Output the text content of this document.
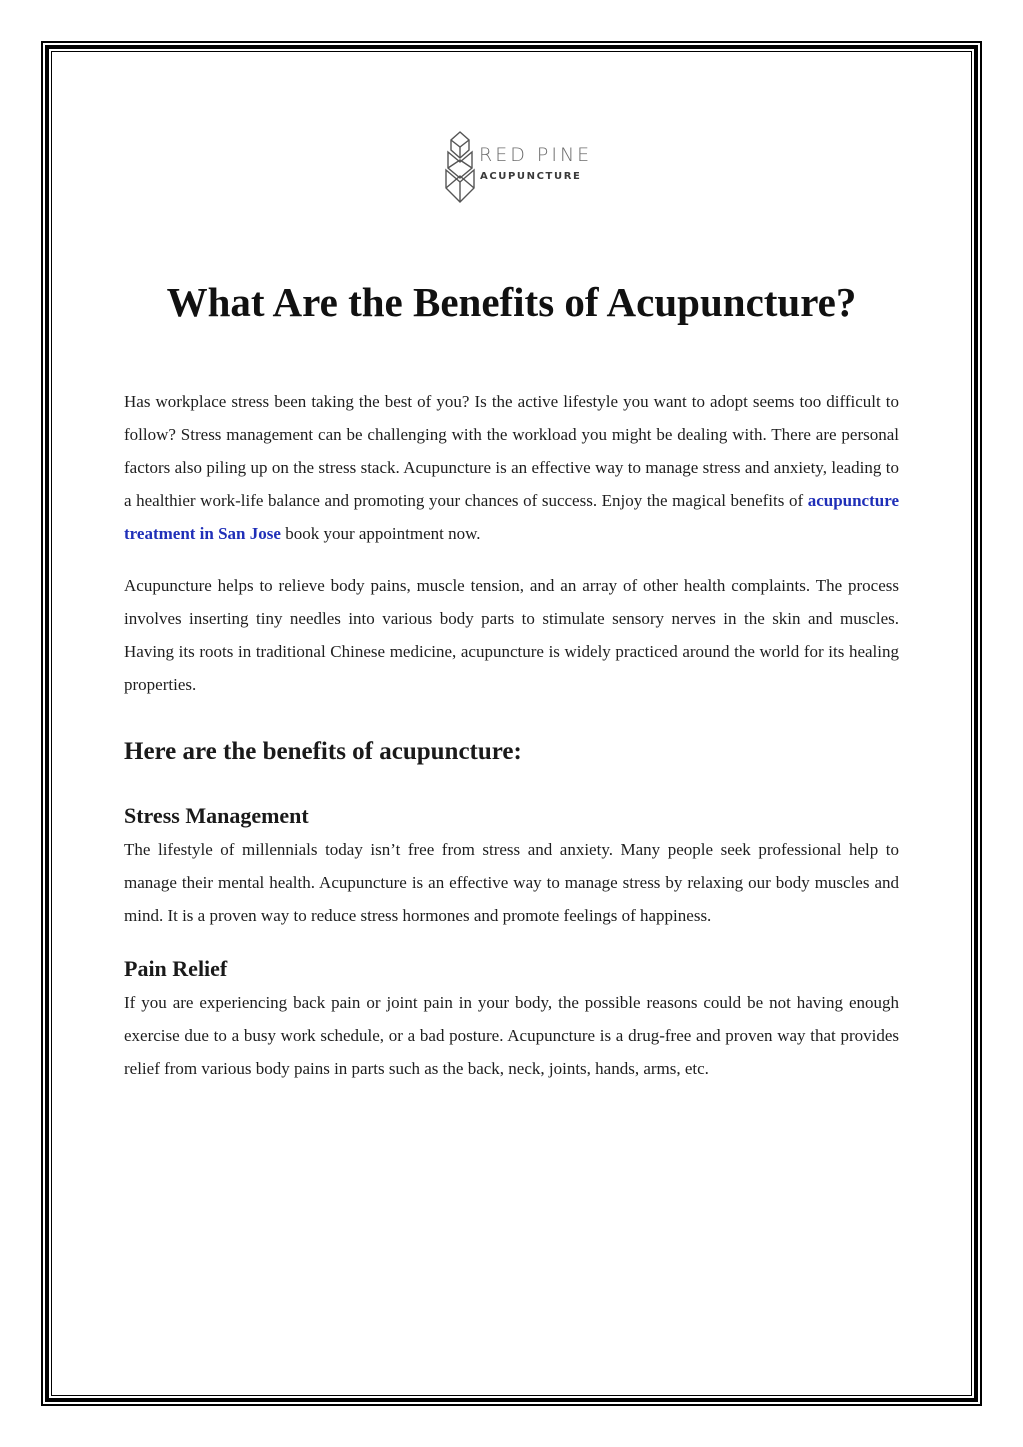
RED PINE
ACUPUNCTURE
What Are the Benefits of Acupuncture?

Has workplace stress been taking the best of you? Is the active lifestyle you want to adopt seems too difficult to follow? Stress management can be challenging with the workload you might be dealing with. There are personal factors also piling up on the stress stack. Acupuncture is an effective way to manage stress and anxiety, leading to a healthier work-life balance and promoting your chances of success. Enjoy the magical benefits of acupuncture treatment in San Jose book your appointment now.

Acupuncture helps to relieve body pains, muscle tension, and an array of other health complaints. The process involves inserting tiny needles into various body parts to stimulate sensory nerves in the skin and muscles. Having its roots in traditional Chinese medicine, acupuncture is widely practiced around the world for its healing properties.

Here are the benefits of acupuncture:
Stress Management

The lifestyle of millennials today isn’t free from stress and anxiety. Many people seek professional help to manage their mental health. Acupuncture is an effective way to manage stress by relaxing our body muscles and mind. It is a proven way to reduce stress hormones and promote feelings of happiness.

Pain Relief

If you are experiencing back pain or joint pain in your body, the possible reasons could be not having enough exercise due to a busy work schedule, or a bad posture. Acupuncture is a drug-free and proven way that provides relief from various body pains in parts such as the back, neck, joints, hands, arms, etc.
